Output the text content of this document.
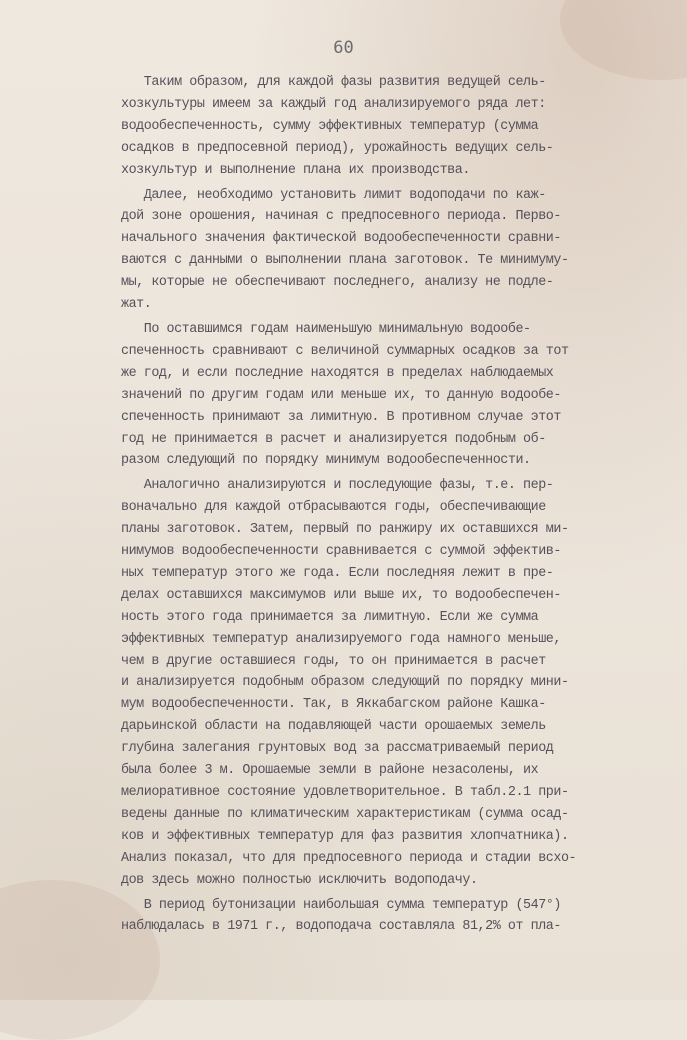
60
Таким образом, для каждой фазы развития ведущей сель-
хозкультуры имеем за каждый год анализируемого ряда лет:
водообеспеченность, сумму эффективных температур (сумма
осадков в предпосевной период), урожайность ведущих сель-
хозкультур и выполнение плана их производства.
Далее, необходимо установить лимит водоподачи по каж-
дой зоне орошения, начиная с предпосевного периода. Перво-
начального значения фактической водообеспеченности сравни-
ваются с данными о выполнении плана заготовок. Те минимуму-
мы, которые не обеспечивают последнего, анализу не подле-
жат.
По оставшимся годам наименьшую минимальную водообе-
спеченность сравнивают с величиной суммарных осадков за тот
же год, и если последние находятся в пределах наблюдаемых
значений по другим годам или меньше их, то данную водообе-
спеченность принимают за лимитную. В противном случае этот
год не принимается в расчет и анализируется подобным об-
разом следующий по порядку минимум водообеспеченности.
Аналогично анализируются и последующие фазы, т.е. пер-
воначально для каждой отбрасываются годы, обеспечивающие
планы заготовок. Затем, первый по ранжиру их оставшихся ми-
нимумов водообеспеченности сравнивается с суммой эффектив-
ных температур этого же года. Если последняя лежит в пре-
делах оставшихся максимумов или выше их, то водообеспечен-
ность этого года принимается за лимитную. Если же сумма
эффективных температур анализируемого года намного меньше,
чем в другие оставшиеся годы, то он принимается в расчет
и анализируется подобным образом следующий по порядку мини-
мум водообеспеченности. Так, в Яккабагском районе Кашка-
дарьинской области на подавляющей части орошаемых земель
глубина залегания грунтовых вод за рассматриваемый период
была более 3 м. Орошаемые земли в районе незасолены, их
мелиоративное состояние удовлетворительное. В табл.2.1 при-
ведены данные по климатическим характеристикам (сумма осад-
ков и эффективных температур для фаз развития хлопчатника).
Анализ показал, что для предпосевного периода и стадии всхо-
дов здесь можно полностью исключить водоподачу.
В период бутонизации наибольшая сумма температур (547°)
наблюдалась в 1971 г., водоподача составляла 81,2% от пла-
